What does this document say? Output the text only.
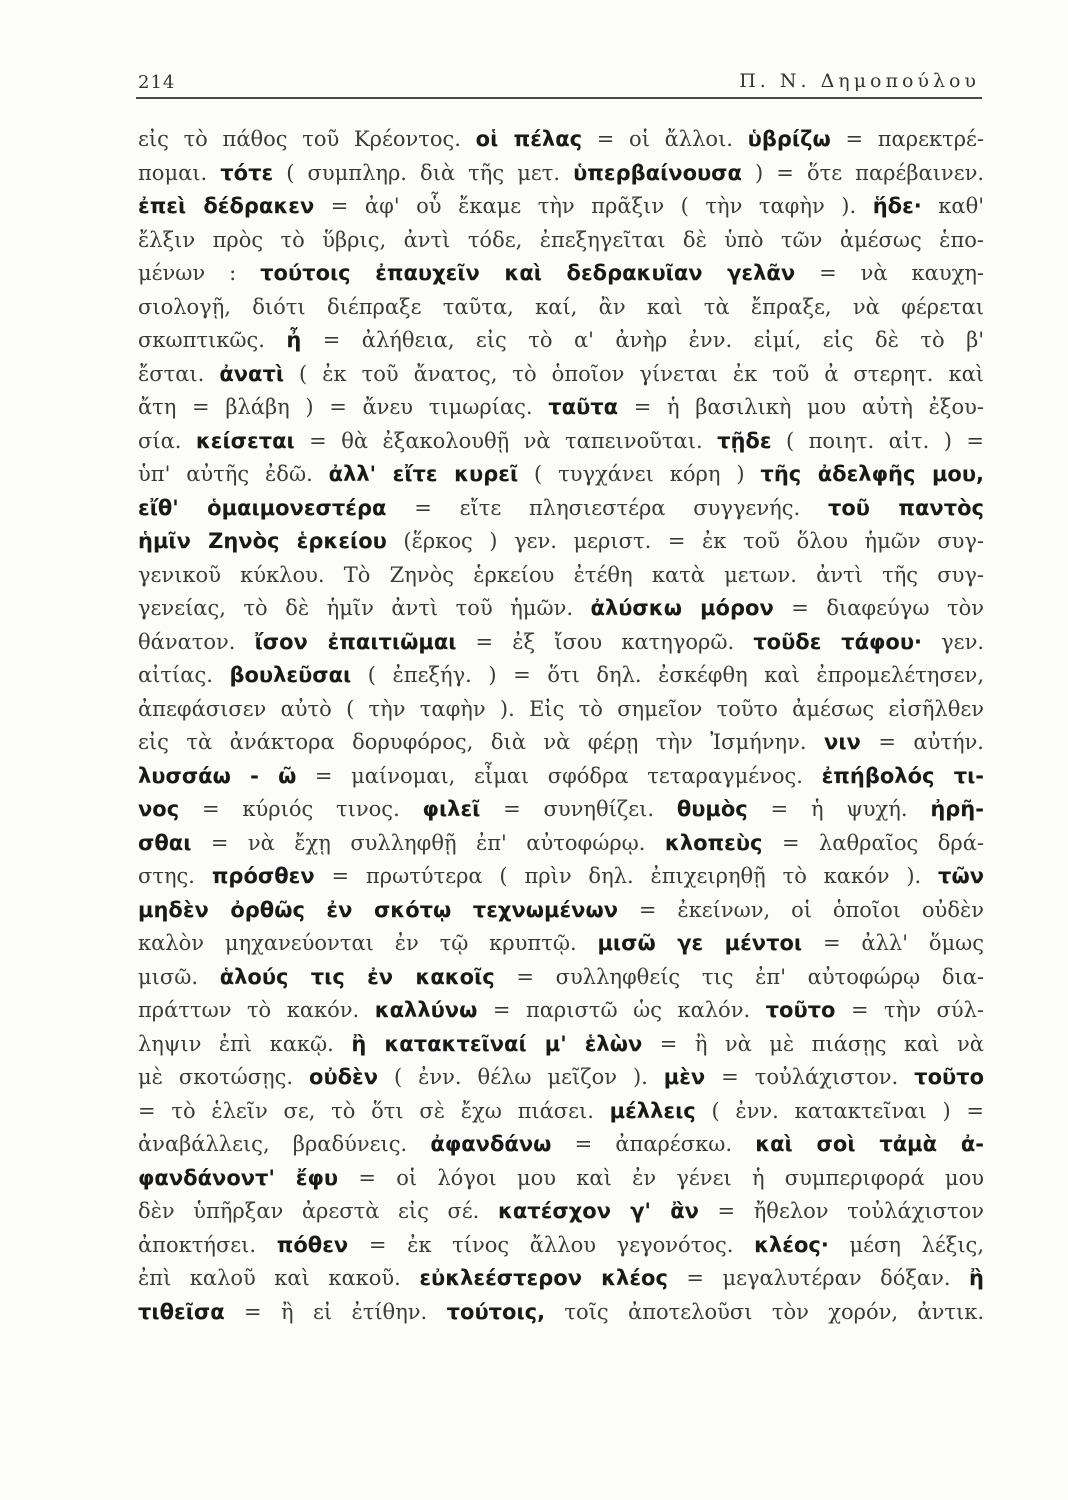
214	Π. Ν. Δημοπούλου
εἰς τὸ πάθος τοῦ Κρέοντος. οἱ πέλας = οἱ ἄλλοι. ὑβρίζω = παρεκτρέ-
πομαι. τότε ( συμπληρ. διὰ τῆς μετ. ὑπερβαίνουσα ) = ὅτε παρέβαινεν.
ἐπεὶ δέδρακεν = ἀφ' οὗ ἔκαμε τὴν πρᾶξιν ( τὴν ταφὴν ). ἥδε· καθ'
ἔλξιν πρὸς τὸ ὕβρις, ἀντὶ τόδε, ἐπεξηγεῖται δὲ ὑπὸ τῶν ἀμέσως ἑπο-
μένων : τούτοις ἐπαυχεῖν καὶ δεδρακυῖαν γελᾶν = νὰ καυχη-
σιολογῇ, διότι διέπραξε ταῦτα, καί, ἂν καὶ τὰ ἔπραξε, νὰ φέρεται
σκωπτικῶς. ἦ = ἀλήθεια, εἰς τὸ α' ἀνὴρ ἐνν. εἰμί, εἰς δὲ τὸ β'
ἔσται. ἀνατὶ ( ἐκ τοῦ ἄνατος, τὸ ὁποῖον γίνεται ἐκ τοῦ ἀ στερητ. καὶ
ἄτη = βλάβη ) = ἄνευ τιμωρίας. ταῦτα = ἡ βασιλικὴ μου αὐτὴ ἐξου-
σία. κείσεται = θὰ ἐξακολουθῇ νὰ ταπεινοῦται. τῇδε ( ποιητ. αἰτ. ) =
ὑπ' αὐτῆς ἐδῶ. ἀλλ' εἴτε κυρεῖ ( τυγχάνει κόρη ) τῆς ἀδελφῆς μου,
εἴθ' ὁμαιμονεστέρα = εἴτε πλησιεστέρα συγγενής. τοῦ παντὸς
ἡμῖν Ζηνὸς ἑρκείου (ἕρκος ) γεν. μεριστ. = ἐκ τοῦ ὅλου ἡμῶν συγ-
γενικοῦ κύκλου. Τὸ Ζηνὸς ἑρκείου ἐτέθη κατὰ μετων. ἀντὶ τῆς συγ-
γενείας, τὸ δὲ ἡμῖν ἀντὶ τοῦ ἡμῶν. ἀλύσκω μόρον = διαφεύγω τὸν
θάνατον. ἴσον ἐπαιτιῶμαι = ἐξ ἴσου κατηγορῶ. τοῦδε τάφου· γεν.
αἰτίας. βουλεῦσαι ( ἐπεξήγ. ) = ὅτι δηλ. ἐσκέφθη καὶ ἐπρομελέτησεν,
ἀπεφάσισεν αὐτὸ ( τὴν ταφὴν ). Εἰς τὸ σημεῖον τοῦτο ἀμέσως εἰσῆλθεν
εἰς τὰ ἀνάκτορα δορυφόρος, διὰ νὰ φέρῃ τὴν Ἰσμήνην. νιν = αὐτήν.
λυσσάω - ῶ = μαίνομαι, εἶμαι σφόδρα τεταραγμένος. ἐπήβολός τι-
νος = κύριός τινος. φιλεῖ = συνηθίζει. θυμὸς = ἡ ψυχή. ἠρῆ-
σθαι = νὰ ἔχῃ συλληφθῇ ἐπ' αὐτοφώρῳ. κλοπεὺς = λαθραῖος δρά-
στης. πρόσθεν = πρωτύτερα ( πρὶν δηλ. ἐπιχειρηθῇ τὸ κακόν ). τῶν
μηδὲν ὀρθῶς ἐν σκότῳ τεχνωμένων = ἐκείνων, οἱ ὁποῖοι οὐδὲν
καλὸν μηχανεύονται ἐν τῷ κρυπτῷ. μισῶ γε μέντοι = ἀλλ' ὅμως
μισῶ. ἁλούς τις ἐν κακοῖς = συλληφθείς τις ἐπ' αὐτοφώρῳ δια-
πράττων τὸ κακόν. καλλύνω = παριστῶ ὡς καλόν. τοῦτο = τὴν σύλ-
ληψιν ἐπὶ κακῷ. ἢ κατακτεῖναί μ' ἑλὼν = ἢ νὰ μὲ πιάσῃς καὶ νὰ
μὲ σκοτώσῃς. οὐδὲν ( ἐνν. θέλω μεῖζον ). μὲν = τοὐλάχιστον. τοῦτο
= τὸ ἑλεῖν σε, τὸ ὅτι σὲ ἔχω πιάσει. μέλλεις ( ἐνν. κατακτεῖναι ) =
ἀναβάλλεις, βραδύνεις. ἀφανδάνω = ἀπαρέσκω. καὶ σοὶ τἀμὰ ἀ-
φανδάνοντ' ἔφυ = οἱ λόγοι μου καὶ ἐν γένει ἡ συμπεριφορά μου
δὲν ὑπῆρξαν ἀρεστὰ εἰς σέ. κατέσχον γ' ἂν = ἤθελον τοὐλάχιστον
ἀποκτήσει. πόθεν = ἐκ τίνος ἄλλου γεγονότος. κλέος· μέση λέξις,
ἐπὶ καλοῦ καὶ κακοῦ. εὐκλεέστερον κλέος = μεγαλυτέραν δόξαν. ἢ
τιθεῖσα = ἢ εἰ ἐτίθην. τούτοις, τοῖς ἀποτελοῦσι τὸν χορόν, ἀντικ.
